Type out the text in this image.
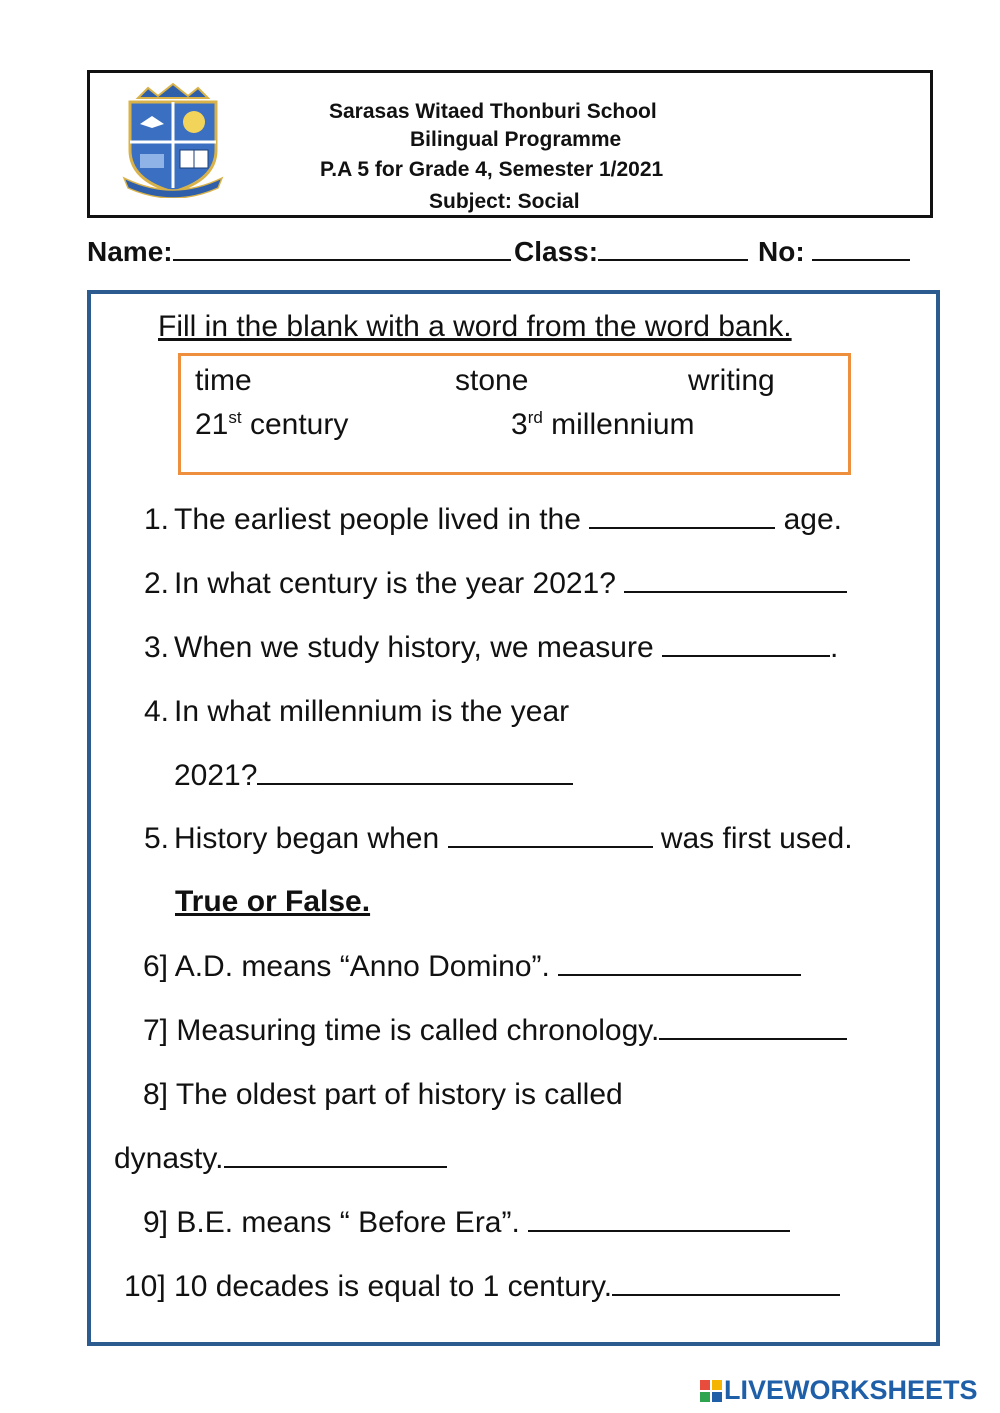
Sarasas Witaed Thonburi School
Bilingual Programme
P.A 5 for Grade 4, Semester 1/2021
Subject: Social
Name:	Class:	No:
Fill in the blank with a word from the word bank.
time	stone	writing
21st century	3rd millennium
1. The earliest people lived in the	age.
2. In what century is the year 2021?
3. When we study history, we measure	.
4. In what millennium is the year
2021?
5. History began when	was first used.
True or False.
6] A.D. means “Anno Domino”.
7] Measuring time is called chronology.
8] The oldest part of history is called
dynasty.
9] B.E. means “ Before Era”.
10] 10 decades is equal to 1 century.
LIVEWORKSHEETS
